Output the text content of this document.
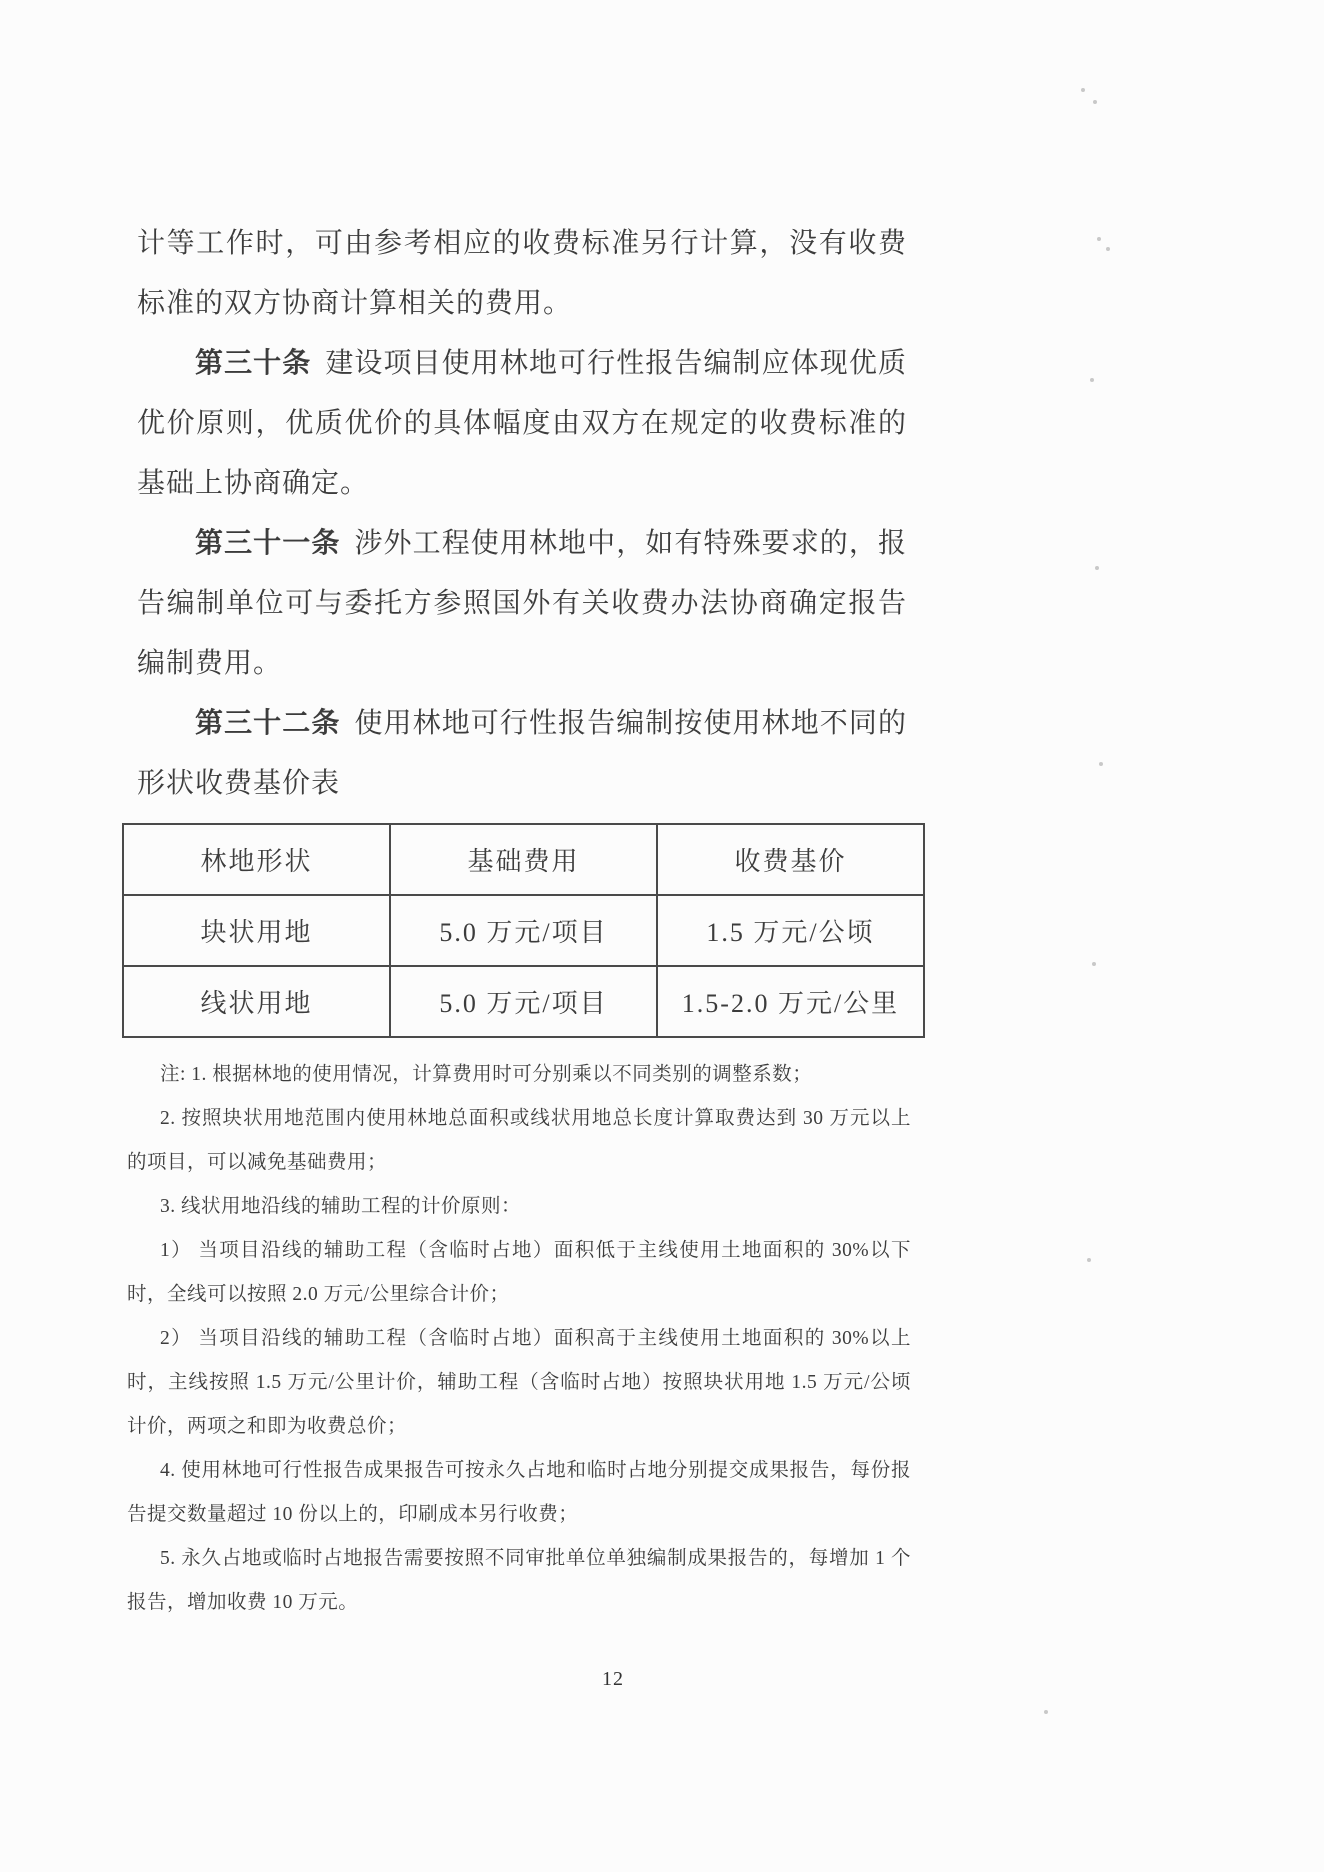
计等工作时，可由参考相应的收费标准另行计算，没有收费标准的双方协商计算相关的费用。

第三十条 建设项目使用林地可行性报告编制应体现优质优价原则，优质优价的具体幅度由双方在规定的收费标准的基础上协商确定。

第三十一条 涉外工程使用林地中，如有特殊要求的，报告编制单位可与委托方参照国外有关收费办法协商确定报告编制费用。

第三十二条 使用林地可行性报告编制按使用林地不同的形状收费基价表

林地形状	基础费用	收费基价
块状用地	5.0 万元/项目	1.5 万元/公顷
线状用地	5.0 万元/项目	1.5-2.0 万元/公里

注: 1. 根据林地的使用情况，计算费用时可分别乘以不同类别的调整系数；

2. 按照块状用地范围内使用林地总面积或线状用地总长度计算取费达到 30 万元以上的项目，可以减免基础费用；

3. 线状用地沿线的辅助工程的计价原则：

1） 当项目沿线的辅助工程（含临时占地）面积低于主线使用土地面积的 30%以下时，全线可以按照 2.0 万元/公里综合计价；

2） 当项目沿线的辅助工程（含临时占地）面积高于主线使用土地面积的 30%以上时，主线按照 1.5 万元/公里计价，辅助工程（含临时占地）按照块状用地 1.5 万元/公顷计价，两项之和即为收费总价；

4. 使用林地可行性报告成果报告可按永久占地和临时占地分别提交成果报告，每份报告提交数量超过 10 份以上的，印刷成本另行收费；

5. 永久占地或临时占地报告需要按照不同审批单位单独编制成果报告的，每增加 1 个报告，增加收费 10 万元。

12
